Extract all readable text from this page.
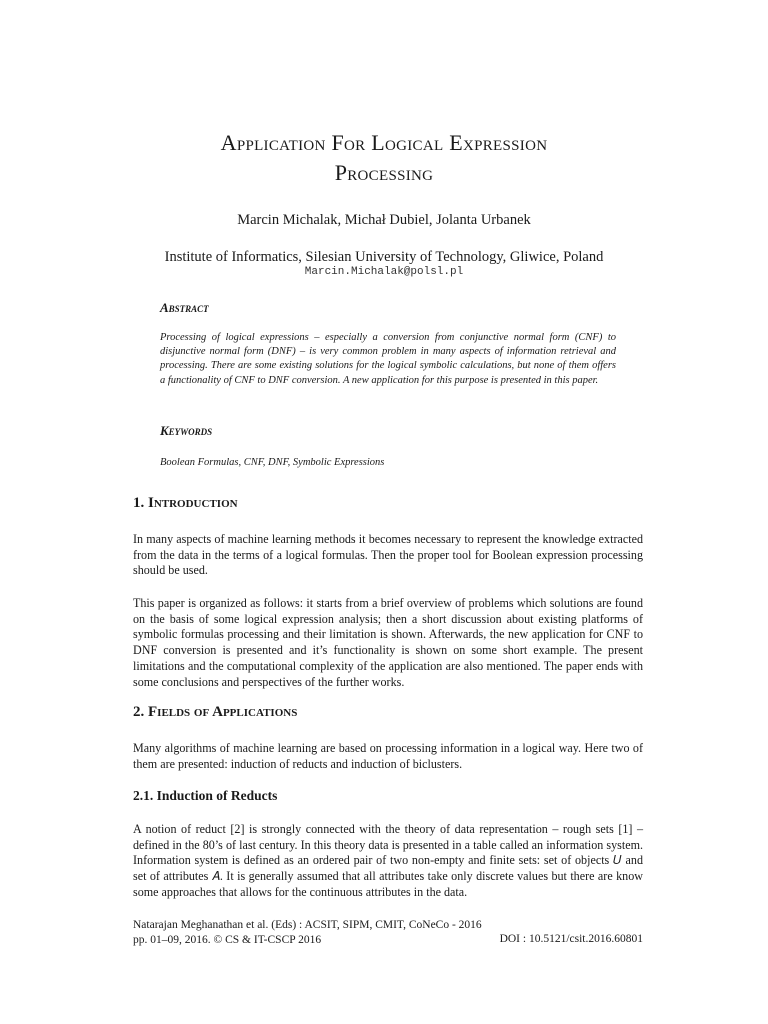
Application For Logical Expression
Processing

Marcin Michalak, Michał Dubiel, Jolanta Urbanek

Institute of Informatics, Silesian University of Technology, Gliwice, Poland

Marcin.Michalak@polsl.pl
Abstract

Processing of logical expressions – especially a conversion from conjunctive normal form (CNF) to disjunctive normal form (DNF) – is very common problem in many aspects of information retrieval and processing. There are some existing solutions for the logical symbolic calculations, but none of them offers a functionality of CNF to DNF conversion. A new application for this purpose is presented in this paper.

Keywords

Boolean Formulas, CNF, DNF, Symbolic Expressions

1. Introduction

In many aspects of machine learning methods it becomes necessary to represent the knowledge extracted from the data in the terms of a logical formulas. Then the proper tool for Boolean expression processing should be used.

This paper is organized as follows: it starts from a brief overview of problems which solutions are found on the basis of some logical expression analysis; then a short discussion about existing platforms of symbolic formulas processing and their limitation is shown. Afterwards, the new application for CNF to DNF conversion is presented and it’s functionality is shown on some short example. The present limitations and the computational complexity of the application are also mentioned. The paper ends with some conclusions and perspectives of the further works.

2. Fields of Applications

Many algorithms of machine learning are based on processing information in a logical way. Here two of them are presented: induction of reducts and induction of biclusters.

2.1. Induction of Reducts

A notion of reduct [2] is strongly connected with the theory of data representation – rough sets [1] – defined in the 80’s of last century. In this theory data is presented in a table called an information system. Information system is defined as an ordered pair of two non-empty and finite sets: set of objects 𝑈 and set of attributes 𝐴. It is generally assumed that all attributes take only discrete values but there are know some approaches that allows for the continuous attributes in the data.

Natarajan Meghanathan et al. (Eds) : ACSIT, SIPM, CMIT, CoNeCo - 2016
pp. 01–09, 2016. © CS & IT-CSCP 2016	DOI : 10.5121/csit.2016.60801
